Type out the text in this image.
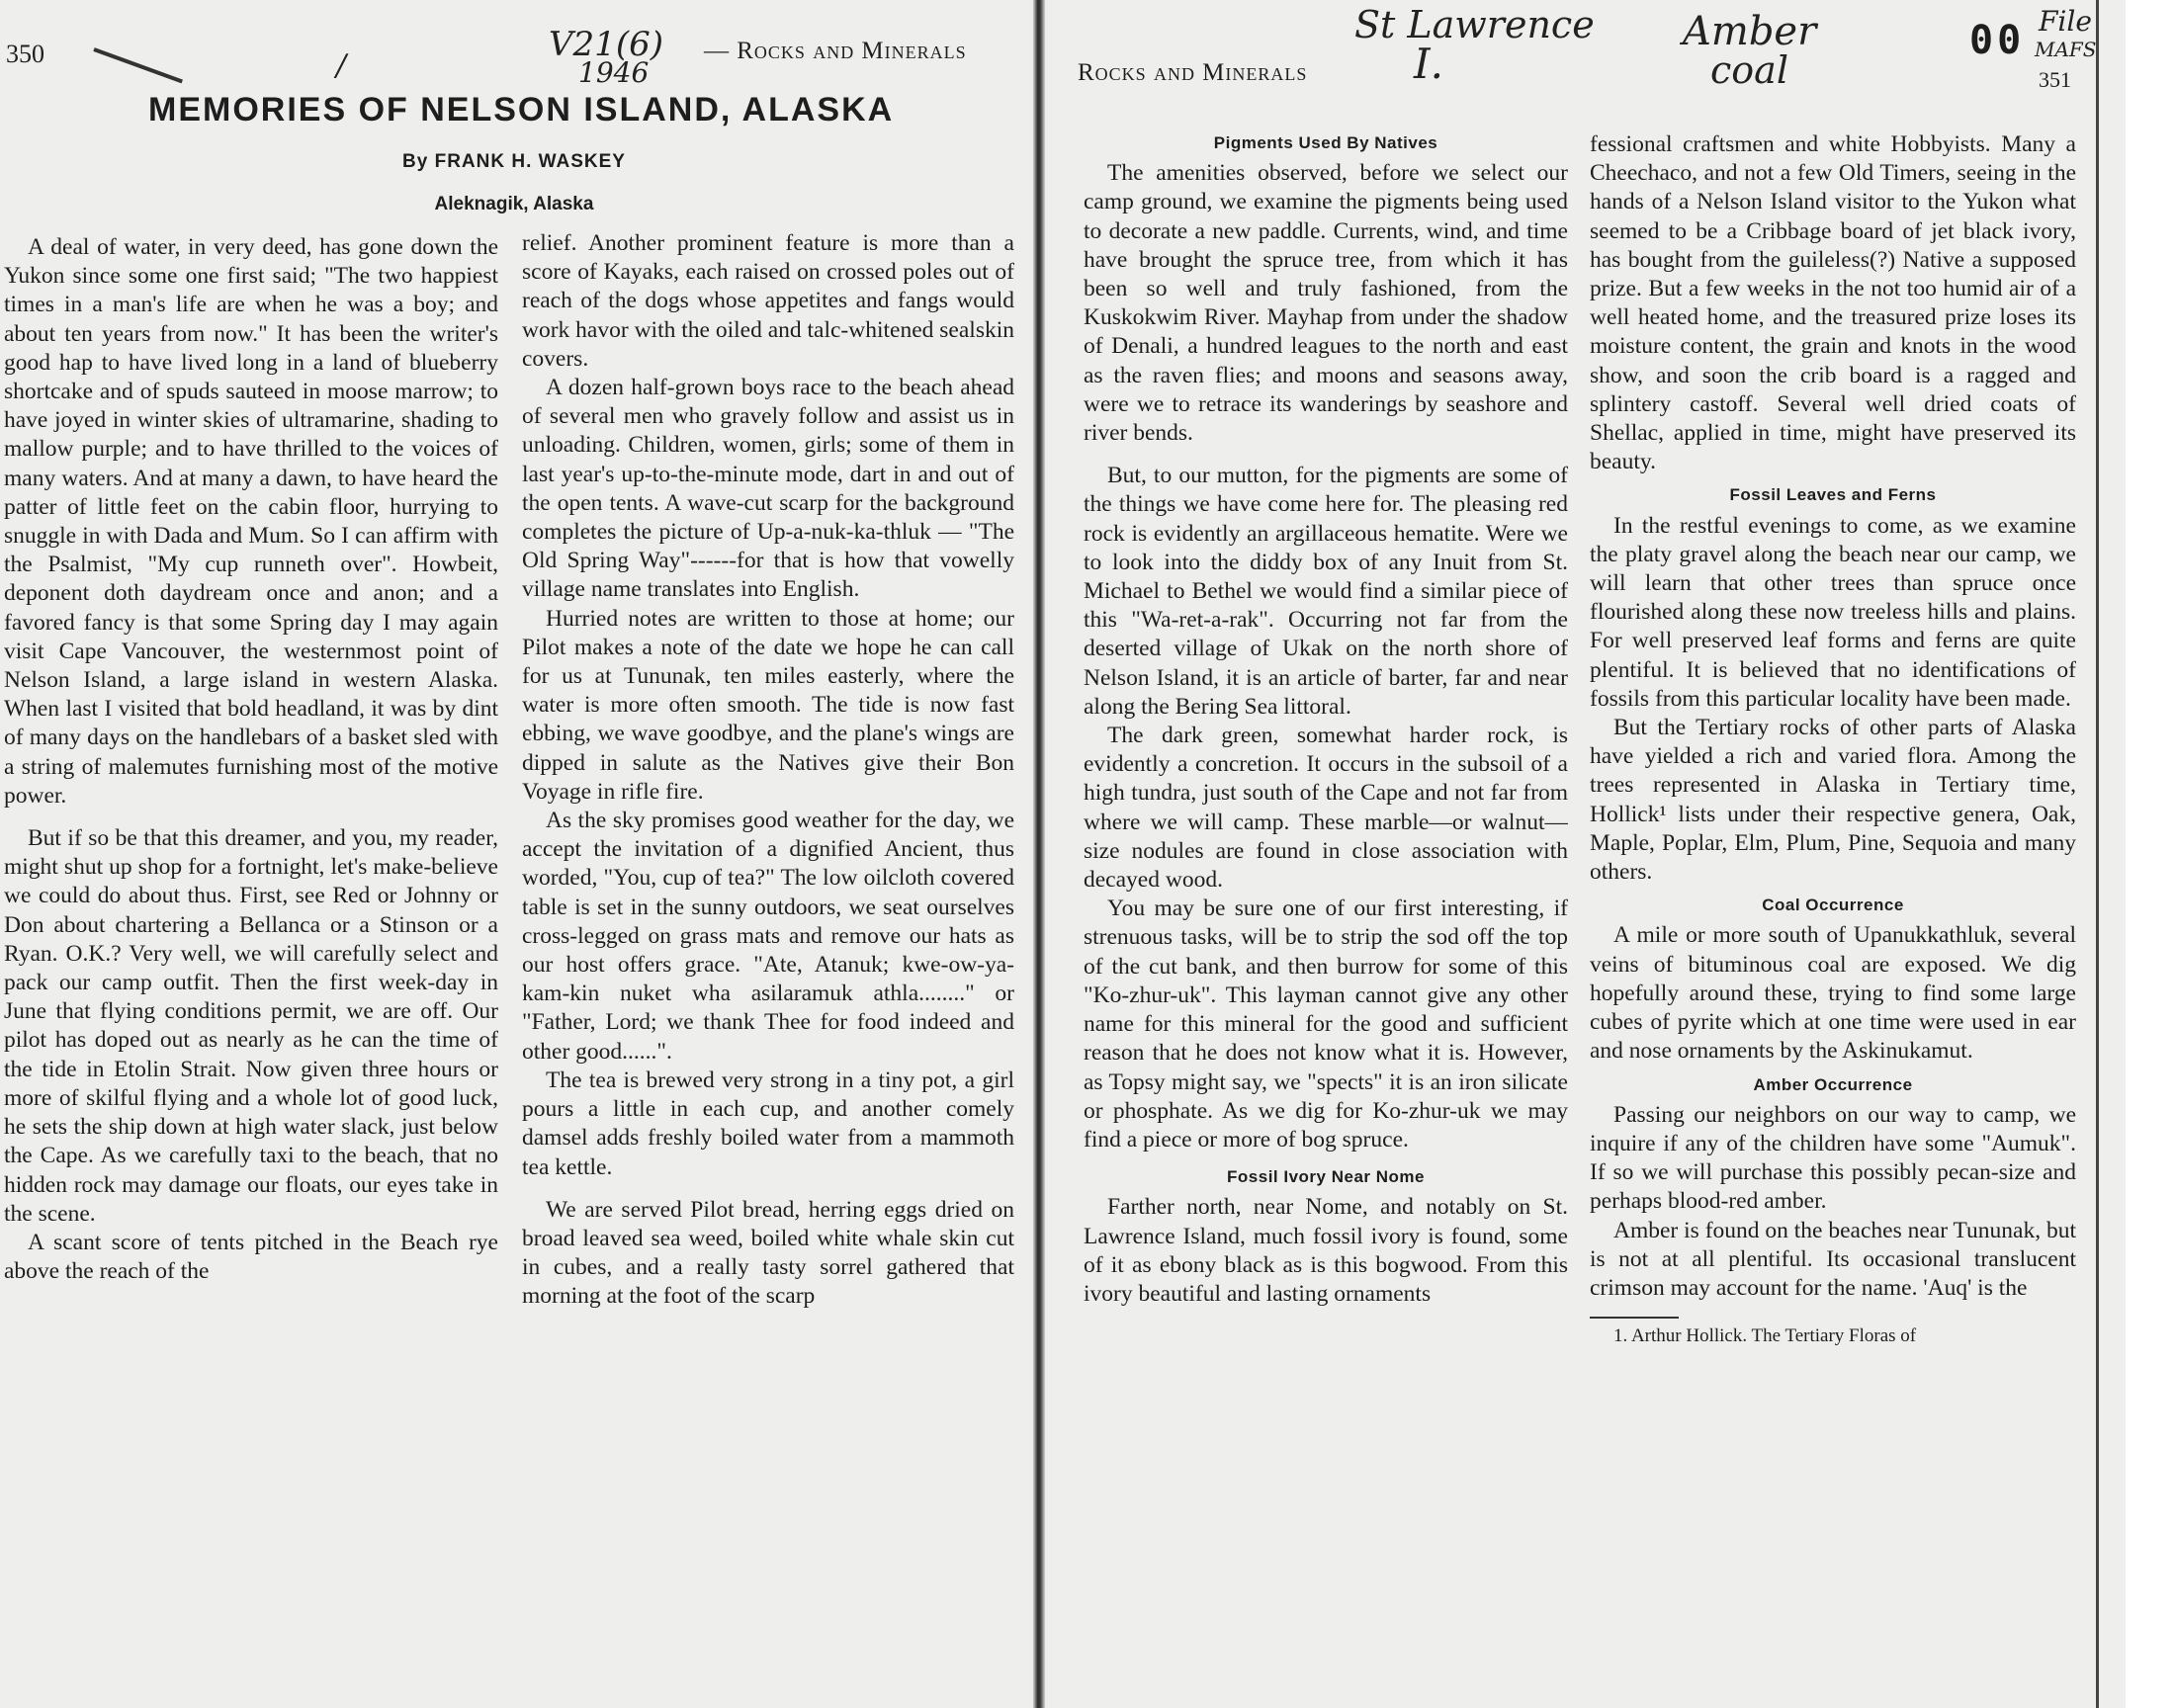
350	/
V21(6)
1946
— Rocks and Minerals
MEMORIES OF NELSON ISLAND, ALASKA
By FRANK H. WASKEY
Aleknagik, Alaska

A deal of water, in very deed, has gone down the Yukon since some one first said; "The two happiest times in a man's life are when he was a boy; and about ten years from now." It has been the writer's good hap to have lived long in a land of blueberry shortcake and of spuds sauteed in moose marrow; to have joyed in winter skies of ultramarine, shading to mallow purple; and to have thrilled to the voices of many waters. And at many a dawn, to have heard the patter of little feet on the cabin floor, hurrying to snuggle in with Dada and Mum. So I can affirm with the Psalmist, "My cup runneth over". Howbeit, deponent doth daydream once and anon; and a favored fancy is that some Spring day I may again visit Cape Vancouver, the westernmost point of Nelson Island, a large island in western Alaska. When last I visited that bold headland, it was by dint of many days on the handlebars of a basket sled with a string of malemutes furnishing most of the motive power.

But if so be that this dreamer, and you, my reader, might shut up shop for a fortnight, let's make-believe we could do about thus. First, see Red or Johnny or Don about chartering a Bellanca or a Stinson or a Ryan. O.K.? Very well, we will carefully select and pack our camp outfit. Then the first week-day in June that flying conditions permit, we are off. Our pilot has doped out as nearly as he can the time of the tide in Etolin Strait. Now given three hours or more of skilful flying and a whole lot of good luck, he sets the ship down at high water slack, just below the Cape. As we carefully taxi to the beach, that no hidden rock may damage our floats, our eyes take in the scene.

A scant score of tents pitched in the Beach rye above the reach of the

relief. Another prominent feature is more than a score of Kayaks, each raised on crossed poles out of reach of the dogs whose appetites and fangs would work havor with the oiled and talc-whitened sealskin covers.

A dozen half-grown boys race to the beach ahead of several men who gravely follow and assist us in unloading. Children, women, girls; some of them in last year's up-to-the-minute mode, dart in and out of the open tents. A wave-cut scarp for the background completes the picture of Up-a-nuk-ka-thluk — "The Old Spring Way"------for that is how that vowelly village name translates into English.

Hurried notes are written to those at home; our Pilot makes a note of the date we hope he can call for us at Tununak, ten miles easterly, where the water is more often smooth. The tide is now fast ebbing, we wave goodbye, and the plane's wings are dipped in salute as the Natives give their Bon Voyage in rifle fire.

As the sky promises good weather for the day, we accept the invitation of a dignified Ancient, thus worded, "You, cup of tea?" The low oilcloth covered table is set in the sunny outdoors, we seat ourselves cross-legged on grass mats and remove our hats as our host offers grace. "Ate, Atanuk; kwe-ow-ya-kam-kin nuket wha asilaramuk athla........" or "Father, Lord; we thank Thee for food indeed and other good......".

The tea is brewed very strong in a tiny pot, a girl pours a little in each cup, and another comely damsel adds freshly boiled water from a mammoth tea kettle.

We are served Pilot bread, herring eggs dried on broad leaved sea weed, boiled white whale skin cut in cubes, and a really tasty sorrel gathered that morning at the foot of the scarp

Rocks and Minerals
St Lawrence
I.
Amber
coal
00 File
MAFS
351
Pigments Used By Natives

The amenities observed, before we select our camp ground, we examine the pigments being used to decorate a new paddle. Currents, wind, and time have brought the spruce tree, from which it has been so well and truly fashioned, from the Kuskokwim River. Mayhap from under the shadow of Denali, a hundred leagues to the north and east as the raven flies; and moons and seasons away, were we to retrace its wanderings by seashore and river bends.

But, to our mutton, for the pigments are some of the things we have come here for. The pleasing red rock is evidently an argillaceous hematite. Were we to look into the diddy box of any Inuit from St. Michael to Bethel we would find a similar piece of this "Wa-ret-a-rak". Occurring not far from the deserted village of Ukak on the north shore of Nelson Island, it is an article of barter, far and near along the Bering Sea littoral.

The dark green, somewhat harder rock, is evidently a concretion. It occurs in the subsoil of a high tundra, just south of the Cape and not far from where we will camp. These marble—or walnut—size nodules are found in close association with decayed wood.

You may be sure one of our first interesting, if strenuous tasks, will be to strip the sod off the top of the cut bank, and then burrow for some of this "Ko-zhur-uk". This layman cannot give any other name for this mineral for the good and sufficient reason that he does not know what it is. However, as Topsy might say, we "spects" it is an iron silicate or phosphate. As we dig for Ko-zhur-uk we may find a piece or more of bog spruce.

Fossil Ivory Near Nome

Farther north, near Nome, and notably on St. Lawrence Island, much fossil ivory is found, some of it as ebony black as is this bogwood. From this ivory beautiful and lasting ornaments

fessional craftsmen and white Hobbyists. Many a Cheechaco, and not a few Old Timers, seeing in the hands of a Nelson Island visitor to the Yukon what seemed to be a Cribbage board of jet black ivory, has bought from the guileless(?) Native a supposed prize. But a few weeks in the not too humid air of a well heated home, and the treasured prize loses its moisture content, the grain and knots in the wood show, and soon the crib board is a ragged and splintery castoff. Several well dried coats of Shellac, applied in time, might have preserved its beauty.

Fossil Leaves and Ferns

In the restful evenings to come, as we examine the platy gravel along the beach near our camp, we will learn that other trees than spruce once flourished along these now treeless hills and plains. For well preserved leaf forms and ferns are quite plentiful. It is believed that no identifications of fossils from this particular locality have been made.

But the Tertiary rocks of other parts of Alaska have yielded a rich and varied flora. Among the trees represented in Alaska in Tertiary time, Hollick¹ lists under their respective genera, Oak, Maple, Poplar, Elm, Plum, Pine, Sequoia and many others.

Coal Occurrence

A mile or more south of Upanukkathluk, several veins of bituminous coal are exposed. We dig hopefully around these, trying to find some large cubes of pyrite which at one time were used in ear and nose ornaments by the Askinukamut.

Amber Occurrence

Passing our neighbors on our way to camp, we inquire if any of the children have some "Aumuk". If so we will purchase this possibly pecan-size and perhaps blood-red amber.

Amber is found on the beaches near Tununak, but is not at all plentiful. Its occasional translucent crimson may account for the name. 'Auq' is the

1. Arthur Hollick. The Tertiary Floras of
